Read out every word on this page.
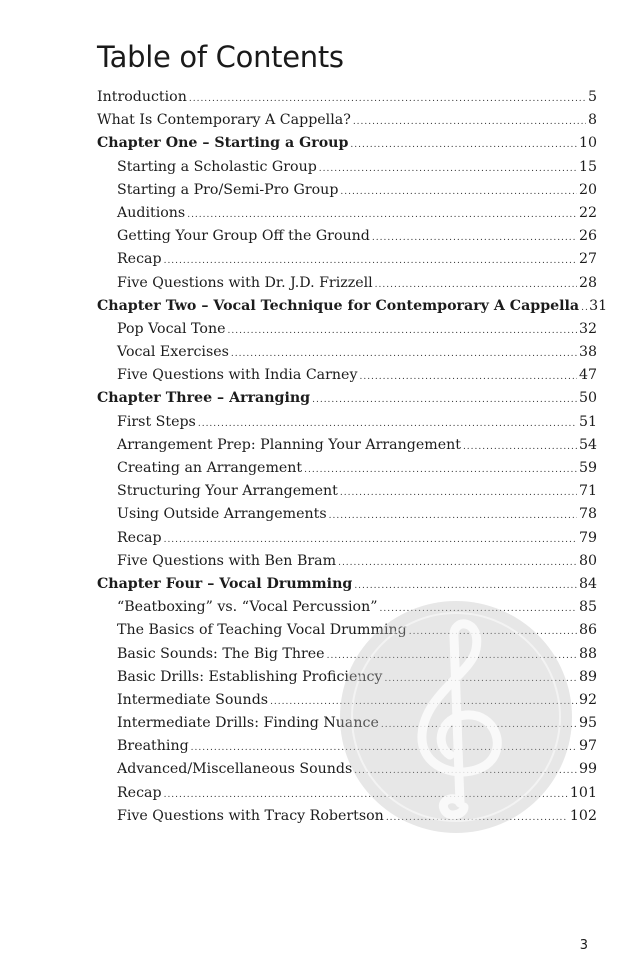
Table of Contents
Introduction .....	5
What Is Contemporary A Cappella? .....	8
Chapter One – Starting a Group .....	10
Starting a Scholastic Group .....	15
Starting a Pro/Semi-Pro Group .....	20
Auditions .....	22
Getting Your Group Off the Ground .....	26
Recap .....	27
Five Questions with Dr. J.D. Frizzell .....	28
Chapter Two – Vocal Technique for Contemporary A Cappella ..... 31
Pop Vocal Tone .....	32
Vocal Exercises .....	38
Five Questions with India Carney .....	47
Chapter Three – Arranging .....	50
First Steps .....	51
Arrangement Prep: Planning Your Arrangement .....	54
Creating an Arrangement .....	59
Structuring Your Arrangement .....	71
Using Outside Arrangements .....	78
Recap .....	79
Five Questions with Ben Bram .....	80
Chapter Four – Vocal Drumming .....	84
“Beatboxing” vs. “Vocal Percussion” .....	85
The Basics of Teaching Vocal Drumming .....	86
Basic Sounds: The Big Three .....	88
Basic Drills: Establishing Proficiency .....	89
Intermediate Sounds .....	92
Intermediate Drills: Finding Nuance .....	95
Breathing .....	97
Advanced/Miscellaneous Sounds .....	99
Recap .....	101
Five Questions with Tracy Robertson .....	102
3
